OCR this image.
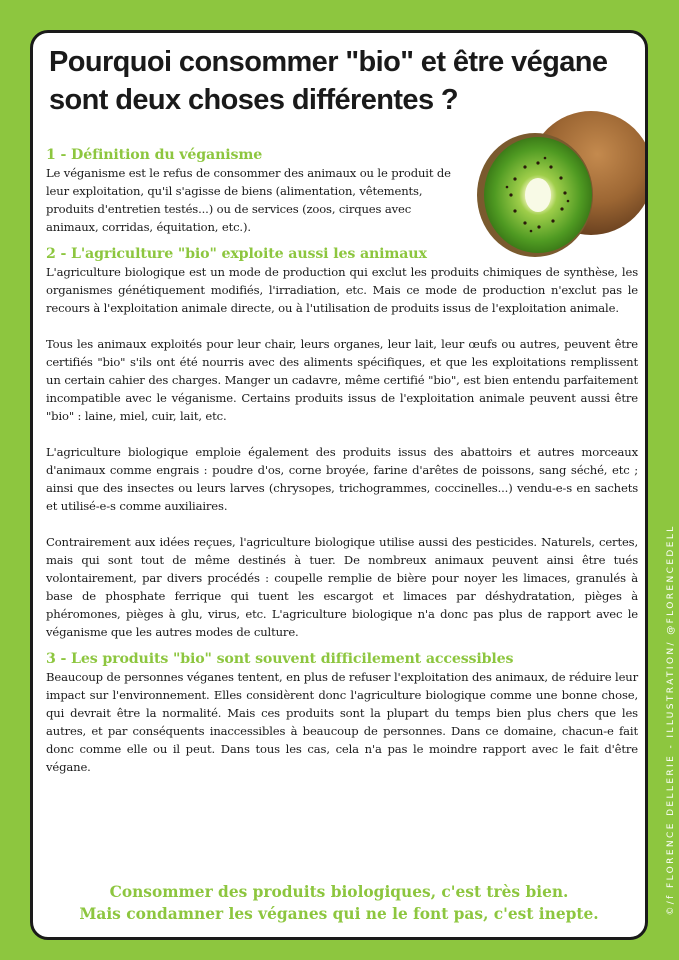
Pourquoi consommer "bio" et être végane sont deux choses différentes ?
1 - Définition du véganisme

Le véganisme est le refus de consommer des animaux ou le produit de leur exploitation, qu'il s'agisse de biens (alimentation, vêtements, produits d'entretien testés...) ou de services (zoos, cirques avec animaux, corridas, équitation, etc.).

2 - L'agriculture "bio" exploite aussi les animaux

L'agriculture biologique est un mode de production qui exclut les produits chimiques de synthèse, les organismes génétiquement modifiés, l'irradiation, etc. Mais ce mode de production n'exclut pas le recours à l'exploitation animale directe, ou à l'utilisation de produits issus de l'exploitation animale.

Tous les animaux exploités pour leur chair, leurs organes, leur lait, leur œufs ou autres, peuvent être certifiés "bio" s'ils ont été nourris avec des aliments spécifiques, et que les exploitations remplissent un certain cahier des charges. Manger un cadavre, même certifié "bio", est bien entendu parfaitement incompatible avec le véganisme. Certains produits issus de l'exploitation animale peuvent aussi être "bio" : laine, miel, cuir, lait, etc.

L'agriculture biologique emploie également des produits issus des abattoirs et autres morceaux d'animaux comme engrais : poudre d'os, corne broyée, farine d'arêtes de poissons, sang séché, etc ; ainsi que des insectes ou leurs larves (chrysopes, trichogrammes, coccinelles...) vendu-e-s en sachets et utilisé-e-s comme auxiliaires.

Contrairement aux idées reçues, l'agriculture biologique utilise aussi des pesticides. Naturels, certes, mais qui sont tout de même destinés à tuer. De nombreux animaux peuvent ainsi être tués volontairement, par divers procédés : coupelle remplie de bière pour noyer les limaces, granulés à base de phosphate ferrique qui tuent les escargot et limaces par déshydratation, pièges à phéromones, pièges à glu, virus, etc. L'agriculture biologique n'a donc pas plus de rapport avec le véganisme que les autres modes de culture.

3 - Les produits "bio" sont souvent difficilement accessibles

Beaucoup de personnes véganes tentent, en plus de refuser l'exploitation des animaux, de réduire leur impact sur l'environnement. Elles considèrent donc l'agriculture biologique comme une bonne chose, qui devrait être la normalité. Mais ces produits sont la plupart du temps bien plus chers que les autres, et par conséquents inaccessibles à beaucoup de personnes. Dans ce domaine, chacun-e fait donc comme elle ou il peut. Dans tous les cas, cela n'a pas le moindre rapport avec le fait d'être végane.

Consommer des produits biologiques, c'est très bien.
Mais condamner les véganes qui ne le font pas, c'est inepte.	©/f FLORENCE DELLERIE - ILLUSTRATION/ @FLORENCEDELL
